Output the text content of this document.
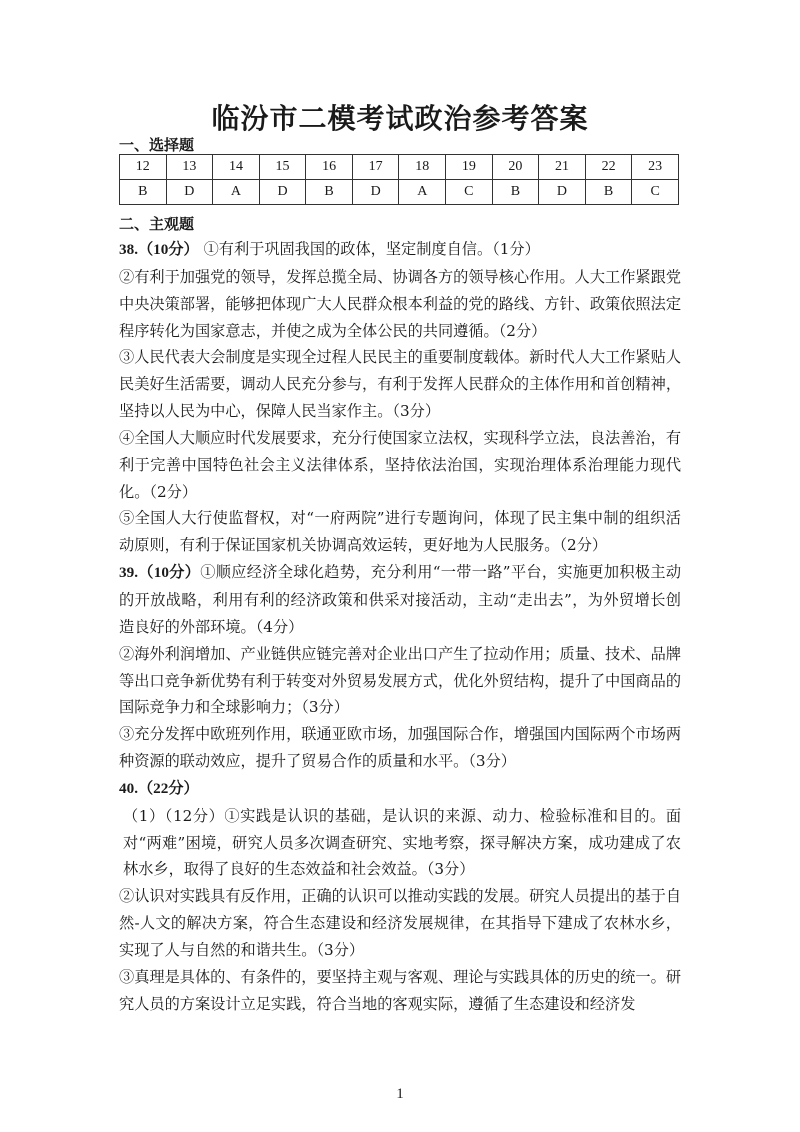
临汾市二模考试政治参考答案
一、选择题
12	13	14	15	16	17	18	19	20	21	22	23
B	D	A	D	B	D	A	C	B	D	B	C
二、主观题

38.（10分） ①有利于巩固我国的政体，坚定制度自信。（1分）

②有利于加强党的领导，发挥总揽全局、协调各方的领导核心作用。人大工作紧跟党中央决策部署，能够把体现广大人民群众根本利益的党的路线、方针、政策依照法定程序转化为国家意志，并使之成为全体公民的共同遵循。（2分）

③人民代表大会制度是实现全过程人民民主的重要制度载体。新时代人大工作紧贴人民美好生活需要，调动人民充分参与，有利于发挥人民群众的主体作用和首创精神，坚持以人民为中心，保障人民当家作主。（3分）

④全国人大顺应时代发展要求，充分行使国家立法权，实现科学立法，良法善治，有利于完善中国特色社会主义法律体系，坚持依法治国，实现治理体系治理能力现代化。（2分）

⑤全国人大行使监督权，对“一府两院”进行专题询问，体现了民主集中制的组织活动原则，有利于保证国家机关协调高效运转，更好地为人民服务。（2分）

39.（10分）①顺应经济全球化趋势，充分利用“一带一路”平台，实施更加积极主动的开放战略，利用有利的经济政策和供采对接活动，主动“走出去”，为外贸增长创造良好的外部环境。（4分）

②海外利润增加、产业链供应链完善对企业出口产生了拉动作用；质量、技术、品牌等出口竞争新优势有利于转变对外贸易发展方式，优化外贸结构，提升了中国商品的国际竞争力和全球影响力；（3分）

③充分发挥中欧班列作用，联通亚欧市场，加强国际合作，增强国内国际两个市场两种资源的联动效应，提升了贸易合作的质量和水平。（3分）

40.（22分）

（1）（12分）①实践是认识的基础，是认识的来源、动力、检验标准和目的。面对“两难”困境，研究人员多次调查研究、实地考察，探寻解决方案，成功建成了农林水乡，取得了良好的生态效益和社会效益。（3分）

②认识对实践具有反作用，正确的认识可以推动实践的发展。研究人员提出的基于自然-人文的解决方案，符合生态建设和经济发展规律，在其指导下建成了农林水乡，实现了人与自然的和谐共生。（3分）

③真理是具体的、有条件的，要坚持主观与客观、理论与实践具体的历史的统一。研究人员的方案设计立足实践，符合当地的客观实际，遵循了生态建设和经济发

1
